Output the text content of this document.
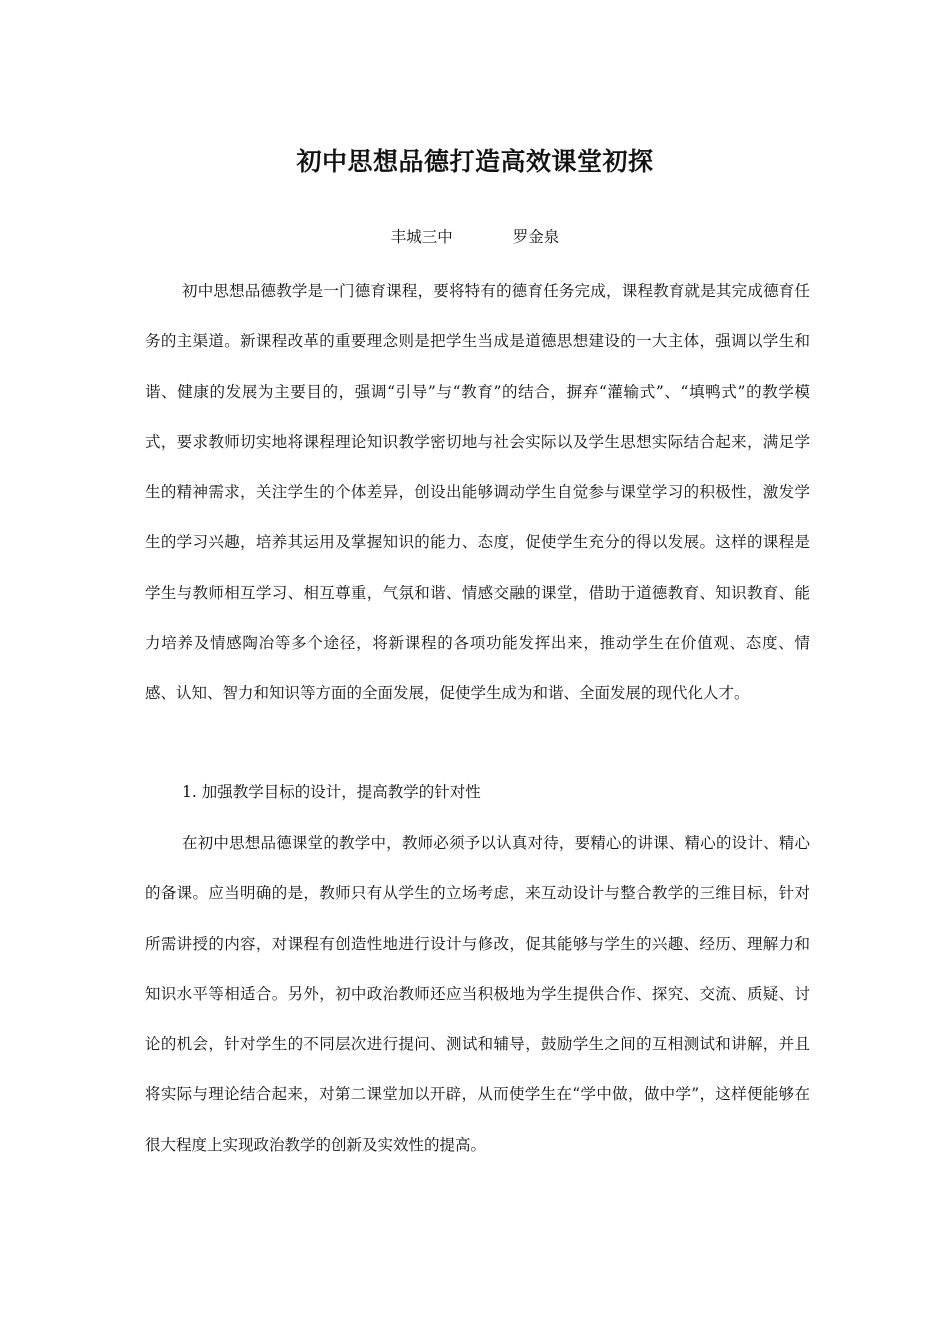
初中思想品德打造高效课堂初探
丰城三中	罗金泉

初中思想品德教学是一门德育课程，要将特有的德育任务完成，课程教育就是其完成德育任务的主渠道。新课程改革的重要理念则是把学生当成是道德思想建设的一大主体，强调以学生和谐、健康的发展为主要目的，强调“引导”与“教育”的结合，摒弃“灌输式”、“填鸭式”的教学模式，要求教师切实地将课程理论知识教学密切地与社会实际以及学生思想实际结合起来，满足学生的精神需求，关注学生的个体差异，创设出能够调动学生自觉参与课堂学习的积极性，激发学生的学习兴趣，培养其运用及掌握知识的能力、态度，促使学生充分的得以发展。这样的课程是学生与教师相互学习、相互尊重，气氛和谐、情感交融的课堂，借助于道德教育、知识教育、能力培养及情感陶冶等多个途径，将新课程的各项功能发挥出来，推动学生在价值观、态度、情感、认知、智力和知识等方面的全面发展，促使学生成为和谐、全面发展的现代化人才。

1. 加强教学目标的设计，提高教学的针对性

在初中思想品德课堂的教学中，教师必须予以认真对待，要精心的讲课、精心的设计、精心的备课。应当明确的是，教师只有从学生的立场考虑，来互动设计与整合教学的三维目标，针对所需讲授的内容，对课程有创造性地进行设计与修改，促其能够与学生的兴趣、经历、理解力和知识水平等相适合。另外，初中政治教师还应当积极地为学生提供合作、探究、交流、质疑、讨论的机会，针对学生的不同层次进行提问、测试和辅导，鼓励学生之间的互相测试和讲解，并且将实际与理论结合起来，对第二课堂加以开辟，从而使学生在“学中做，做中学”，这样便能够在很大程度上实现政治教学的创新及实效性的提高。
